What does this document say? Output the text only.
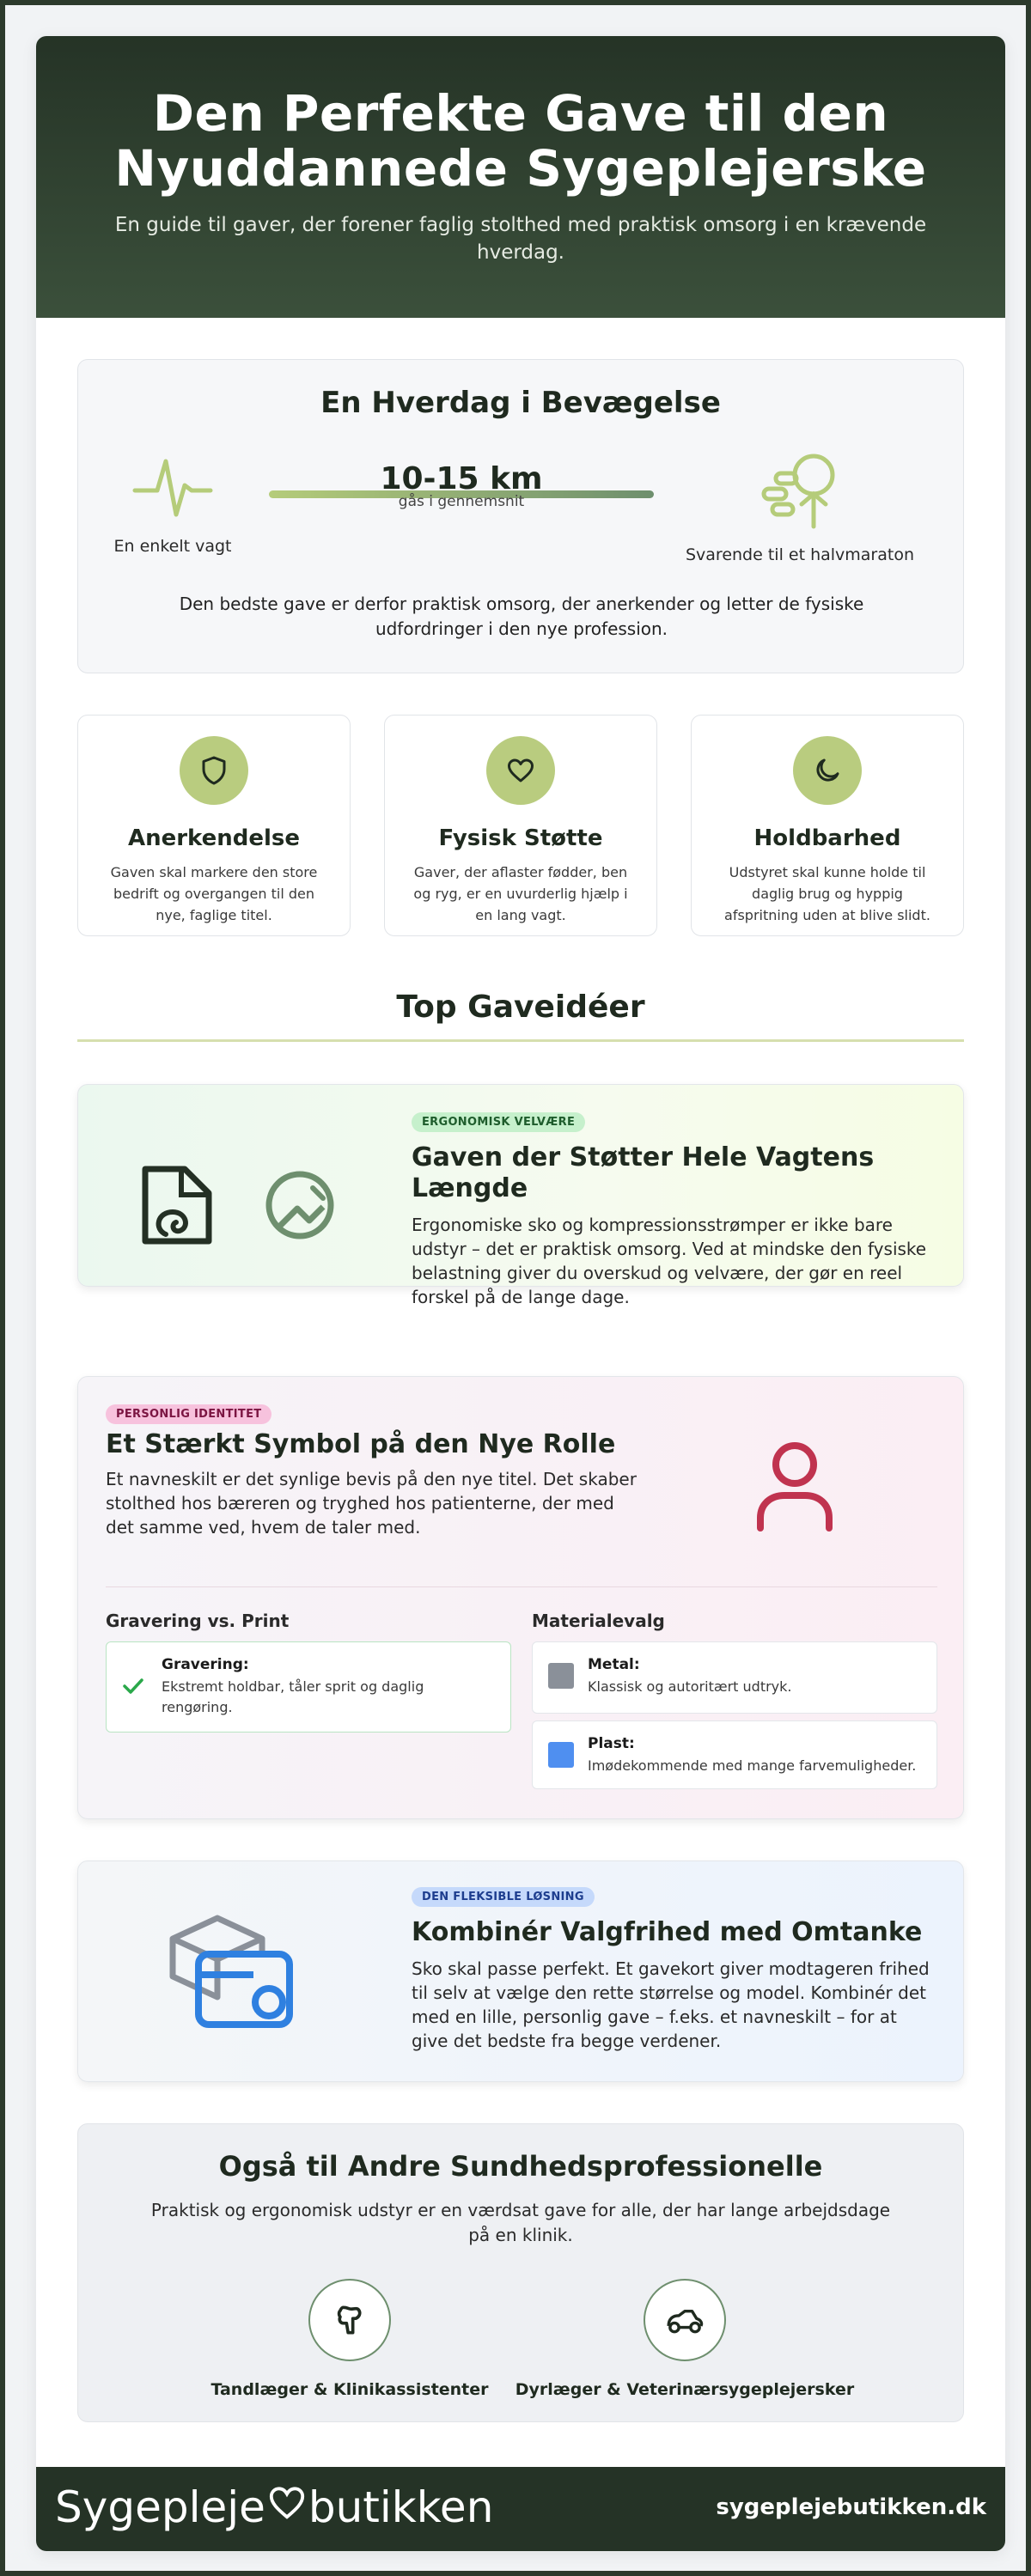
Den Perfekte Gave til den Nyuddannede Sygeplejerske

En guide til gaver, der forener faglig stolthed med praktisk omsorg i en krævende hverdag.

En Hverdag i Bevægelse
En enkelt vagt
10-15 km
gås i gennemsnit
Svarende til et halvmaraton
Den bedste gave er derfor praktisk omsorg, der anerkender og letter de fysiske udfordringer i den nye profession.
Anerkendelse

Gaven skal markere den store bedrift og overgangen til den nye, faglige titel.

Fysisk Støtte

Gaver, der aflaster fødder, ben og ryg, er en uvurderlig hjælp i en lang vagt.

Holdbarhed

Udstyret skal kunne holde til daglig brug og hyppig afspritning uden at blive slidt.

Top Gaveidéer

ERGONOMISK VELVÆRE
Gaven der Støtter Hele Vagtens Længde

Ergonomiske sko og kompressionsstrømper er ikke bare udstyr – det er praktisk omsorg. Ved at mindske den fysiske belastning giver du overskud og velvære, der gør en reel forskel på de lange dage.

PERSONLIG IDENTITET
Et Stærkt Symbol på den Nye Rolle

Et navneskilt er det synlige bevis på den nye titel. Det skaber stolthed hos bæreren og tryghed hos patienterne, der med det samme ved, hvem de taler med.

Gravering vs. Print
Gravering:
Ekstremt holdbar, tåler sprit og daglig rengøring.
Materialevalg
Metal:
Klassisk og autoritært udtryk.
Plast:
Imødekommende med mange farvemuligheder.
DEN FLEKSIBLE LØSNING
Kombinér Valgfrihed med Omtanke

Sko skal passe perfekt. Et gavekort giver modtageren frihed til selv at vælge den rette størrelse og model. Kombinér det med en lille, personlig gave – f.eks. et navneskilt – for at give det bedste fra begge verdener.

Også til Andre Sundhedsprofessionelle

Praktisk og ergonomisk udstyr er en værdsat gave for alle, der har lange arbejdsdage på en klinik.

Tandlæger & Klinikassistenter	Dyrlæger & Veterinærsygeplejersker
Sygepleje butikken	sygeplejebutikken.dk
